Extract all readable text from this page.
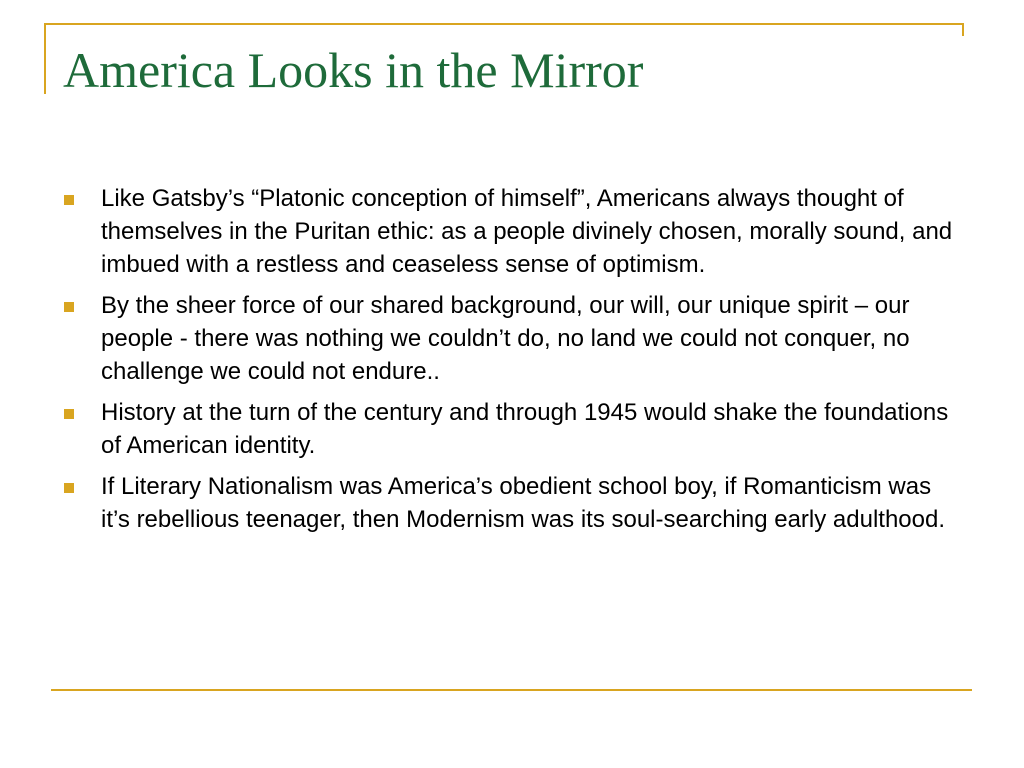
America Looks in the Mirror
Like Gatsby’s “Platonic conception of himself”, Americans always thought of themselves in the Puritan ethic: as a people divinely chosen, morally sound, and imbued with a restless and ceaseless sense of optimism.
By the sheer force of our shared background, our will, our unique spirit – our people - there was nothing we couldn’t do, no land we could not conquer, no challenge we could not endure..
History at the turn of the century and through 1945 would shake the foundations of American identity.
If Literary Nationalism was America’s obedient school boy, if Romanticism was it’s rebellious teenager, then Modernism was its soul-searching early adulthood.
